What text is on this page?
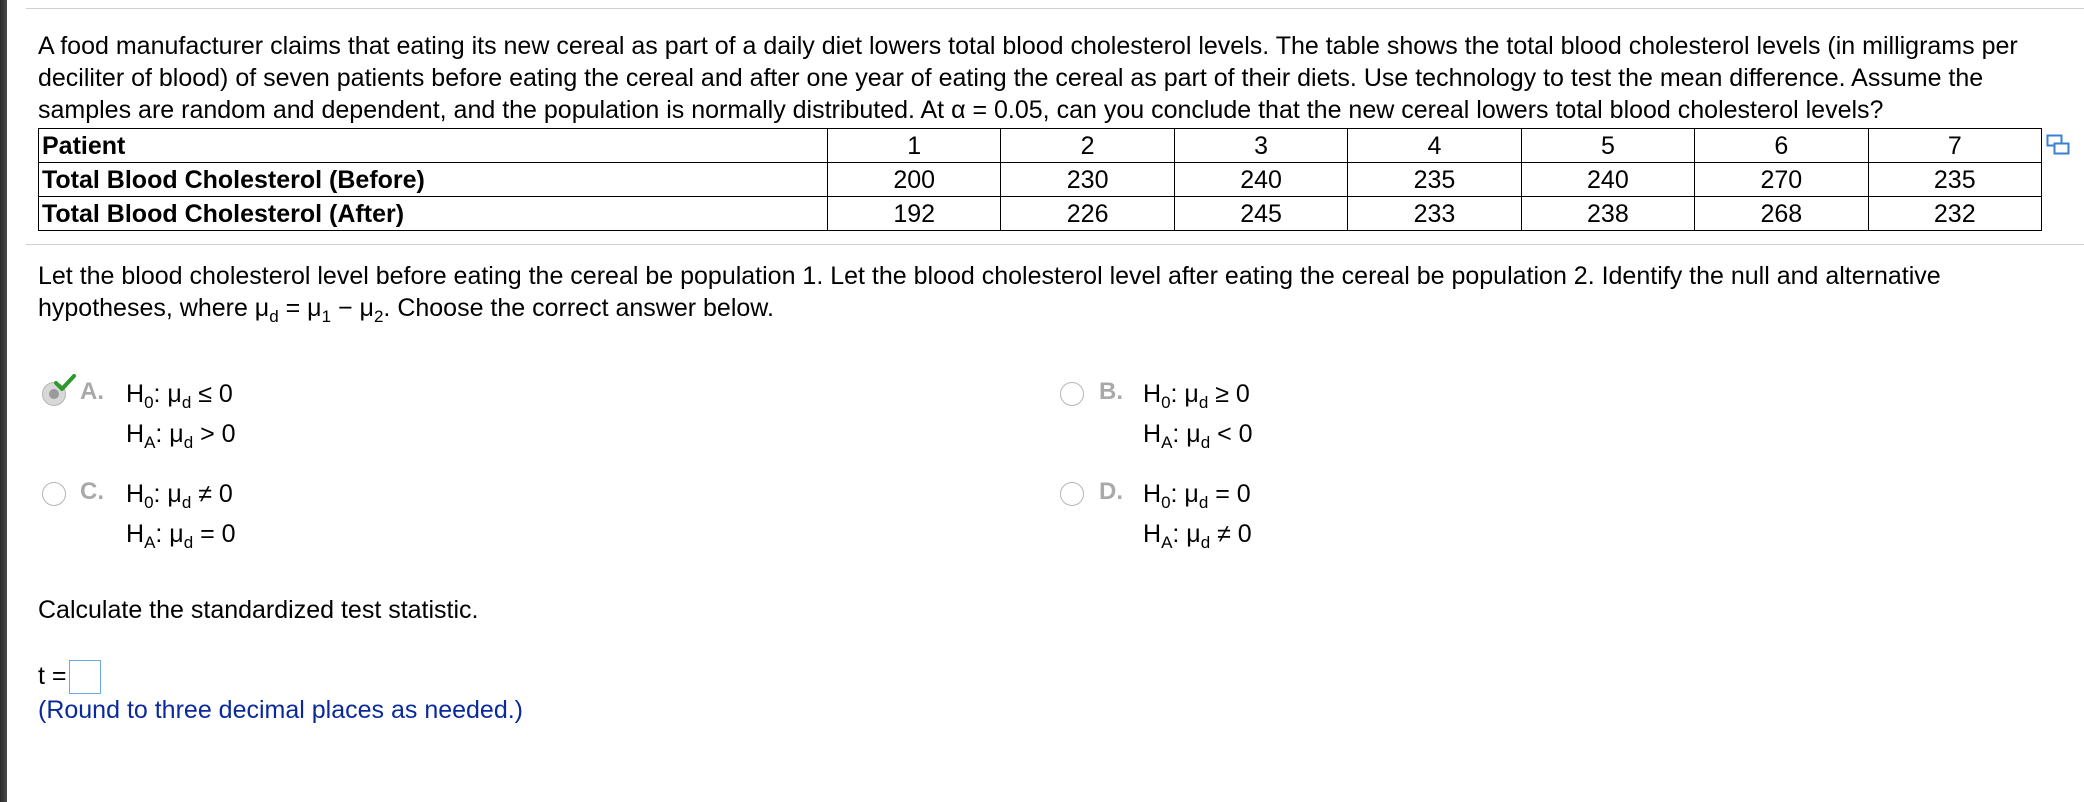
A food manufacturer claims that eating its new cereal as part of a daily diet lowers total blood cholesterol levels. The table shows the total blood cholesterol levels (in milligrams per deciliter of blood) of seven patients before eating the cereal and after one year of eating the cereal as part of their diets. Use technology to test the mean difference. Assume the samples are random and dependent, and the population is normally distributed. At α = 0.05, can you conclude that the new cereal lowers total blood cholesterol levels?
Patient	1	2	3	4	5	6	7
Total Blood Cholesterol (Before)	200	230	240	235	240	270	235
Total Blood Cholesterol (After)	192	226	245	233	238	268	232
Let the blood cholesterol level before eating the cereal be population 1. Let the blood cholesterol level after eating the cereal be population 2. Identify the null and alternative hypotheses, where $\mu_d = \mu_1 - \mu_2$. Choose the correct answer below.
A. $H_0$: $\mu_d \le 0$
$H_A$: $\mu_d > 0$
B. $H_0$: $\mu_d \ge 0$
$H_A$: $\mu_d < 0$
C. $H_0$: $\mu_d \ne 0$
$H_A$: $\mu_d = 0$
D. $H_0$: $\mu_d = 0$
$H_A$: $\mu_d \ne 0$
Calculate the standardized test statistic.
t =
(Round to three decimal places as needed.)
